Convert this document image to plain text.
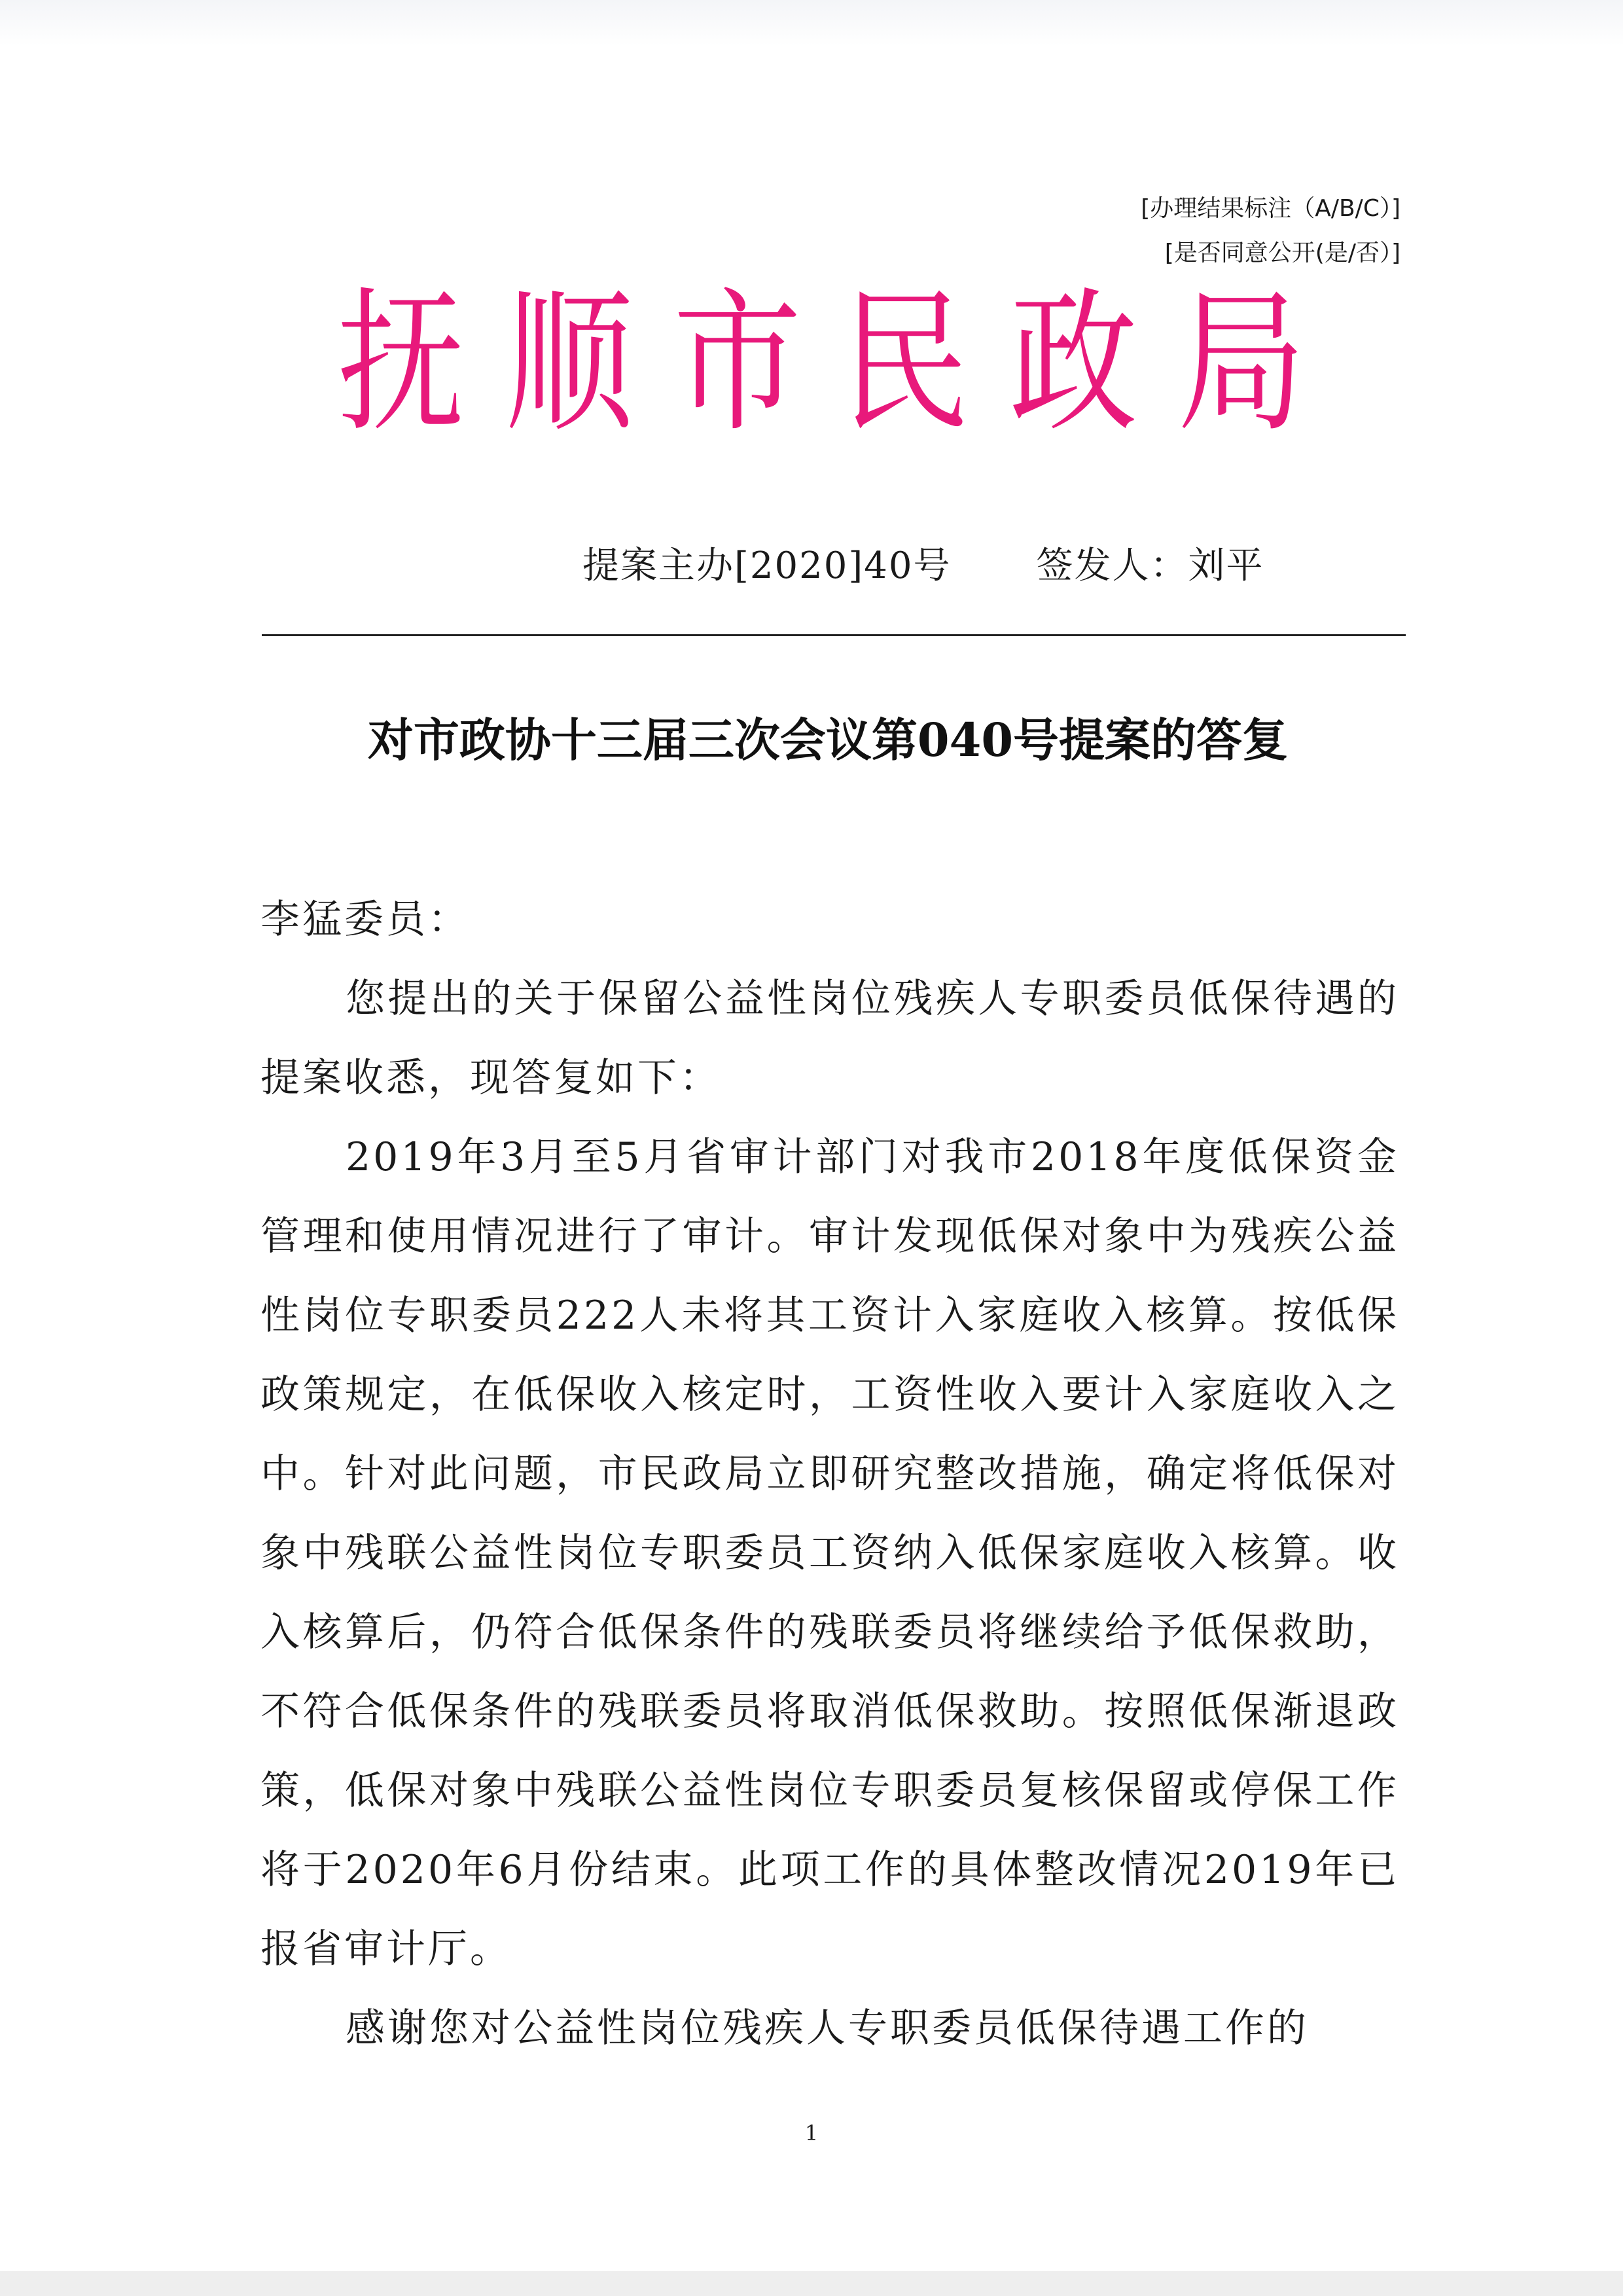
[办理结果标注（A/B/C）]
[是否同意公开(是/否）]
抚 顺 市 民 政 局
提案主办[2020]40号 签发人：刘平
对市政协十三届三次会议第040号提案的答复

李猛委员：

您提出的关于保留公益性岗位残疾人专职委员低保待遇的提案收悉，现答复如下：

2019年3月至5月省审计部门对我市2018年度低保资金管理和使用情况进行了审计。审计发现低保对象中为残疾公益性岗位专职委员222人未将其工资计入家庭收入核算。按低保政策规定，在低保收入核定时，工资性收入要计入家庭收入之中。针对此问题，市民政局立即研究整改措施，确定将低保对象中残联公益性岗位专职委员工资纳入低保家庭收入核算。收入核算后，仍符合低保条件的残联委员将继续给予低保救助，不符合低保条件的残联委员将取消低保救助。按照低保渐退政策，低保对象中残联公益性岗位专职委员复核保留或停保工作将于2020年6月份结束。此项工作的具体整改情况2019年已报省审计厅。

感谢您对公益性岗位残疾人专职委员低保待遇工作的

1
